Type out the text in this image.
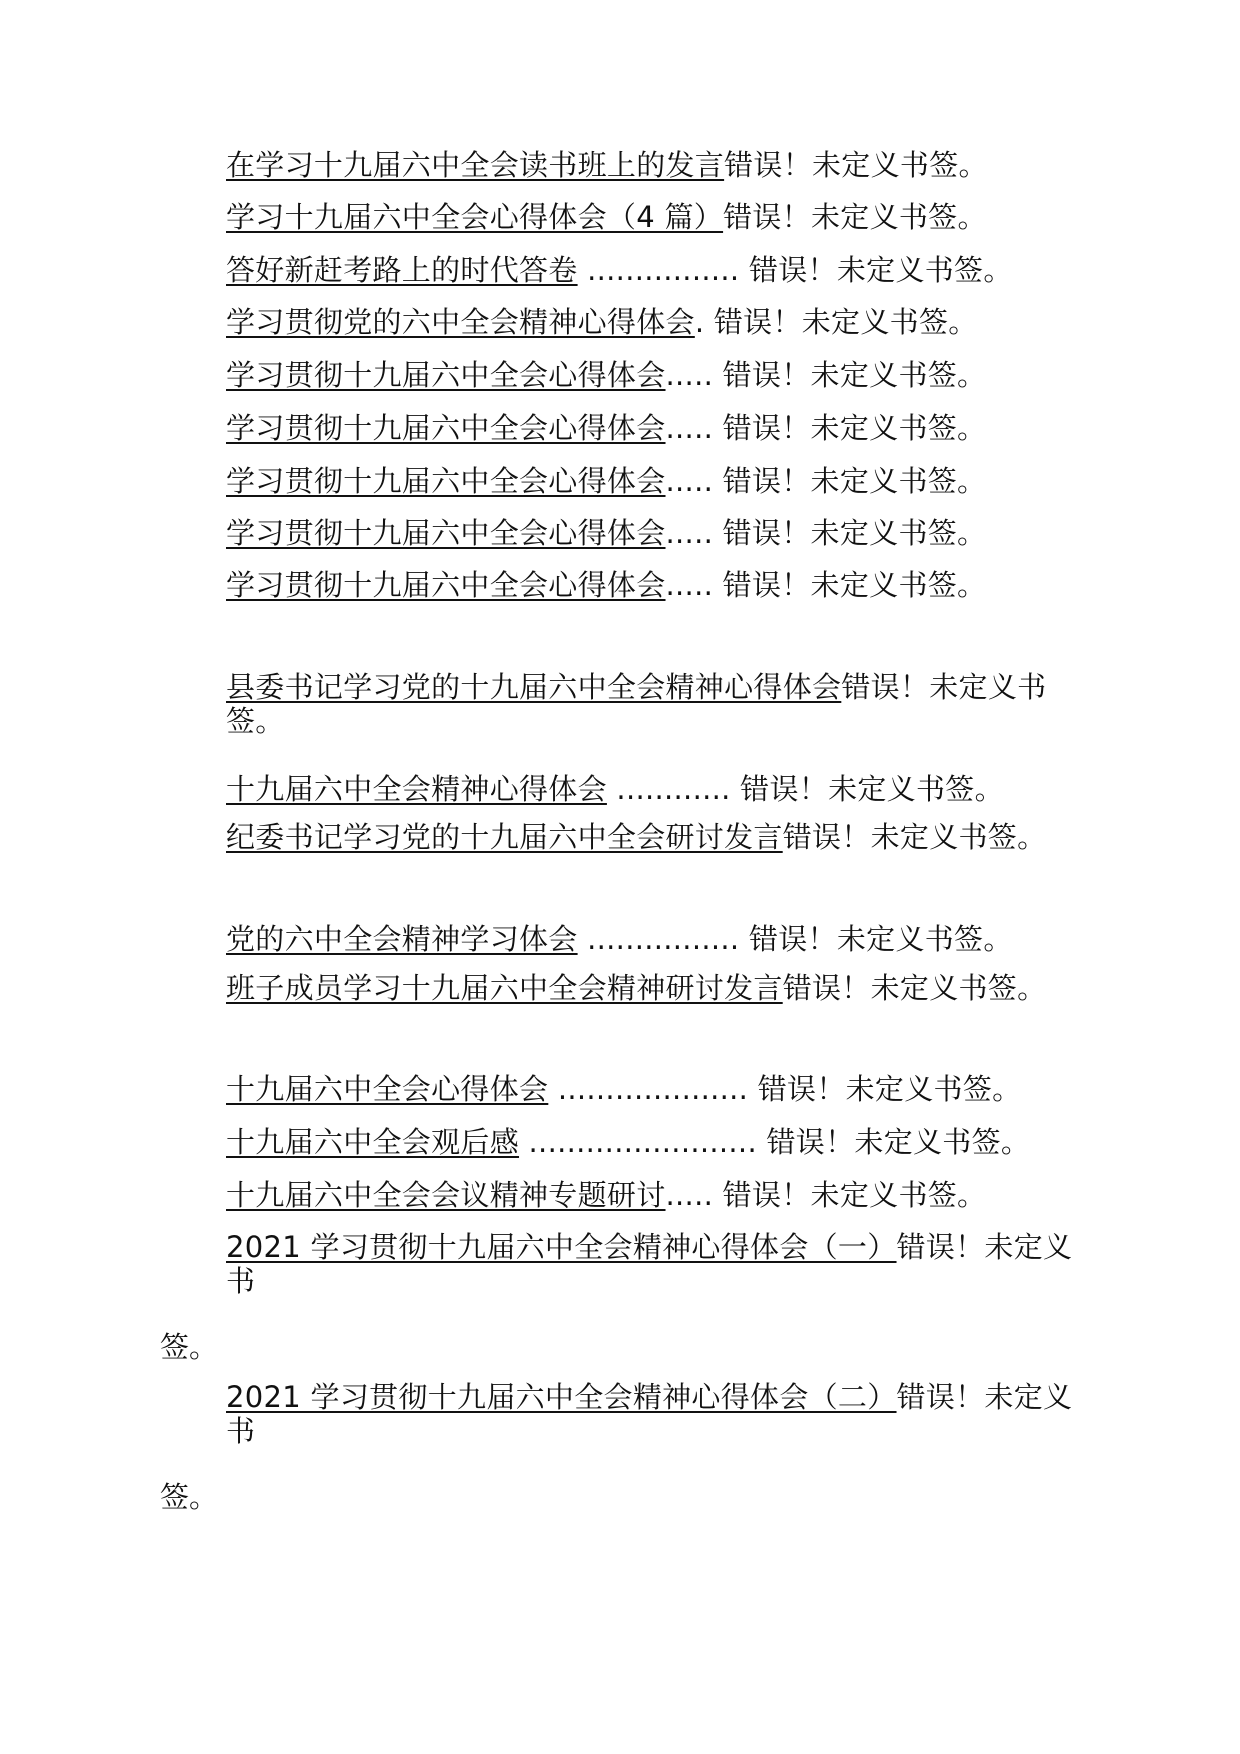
在学习十九届六中全会读书班上的发言错误！未定义书签。
学习十九届六中全会心得体会（4 篇）错误！未定义书签。
答好新赶考路上的时代答卷 ................ 错误！未定义书签。
学习贯彻党的六中全会精神心得体会. 错误！未定义书签。
学习贯彻十九届六中全会心得体会..... 错误！未定义书签。
学习贯彻十九届六中全会心得体会..... 错误！未定义书签。
学习贯彻十九届六中全会心得体会..... 错误！未定义书签。
学习贯彻十九届六中全会心得体会..... 错误！未定义书签。
学习贯彻十九届六中全会心得体会..... 错误！未定义书签。
县委书记学习党的十九届六中全会精神心得体会错误！未定义书签。
十九届六中全会精神心得体会 ............ 错误！未定义书签。
纪委书记学习党的十九届六中全会研讨发言错误！未定义书签。
党的六中全会精神学习体会 ................ 错误！未定义书签。
班子成员学习十九届六中全会精神研讨发言错误！未定义书签。
十九届六中全会心得体会 .................... 错误！未定义书签。
十九届六中全会观后感 ........................ 错误！未定义书签。
十九届六中全会会议精神专题研讨..... 错误！未定义书签。
2021 学习贯彻十九届六中全会精神心得体会（一）错误！未定义书
签。
2021 学习贯彻十九届六中全会精神心得体会（二）错误！未定义书
签。
